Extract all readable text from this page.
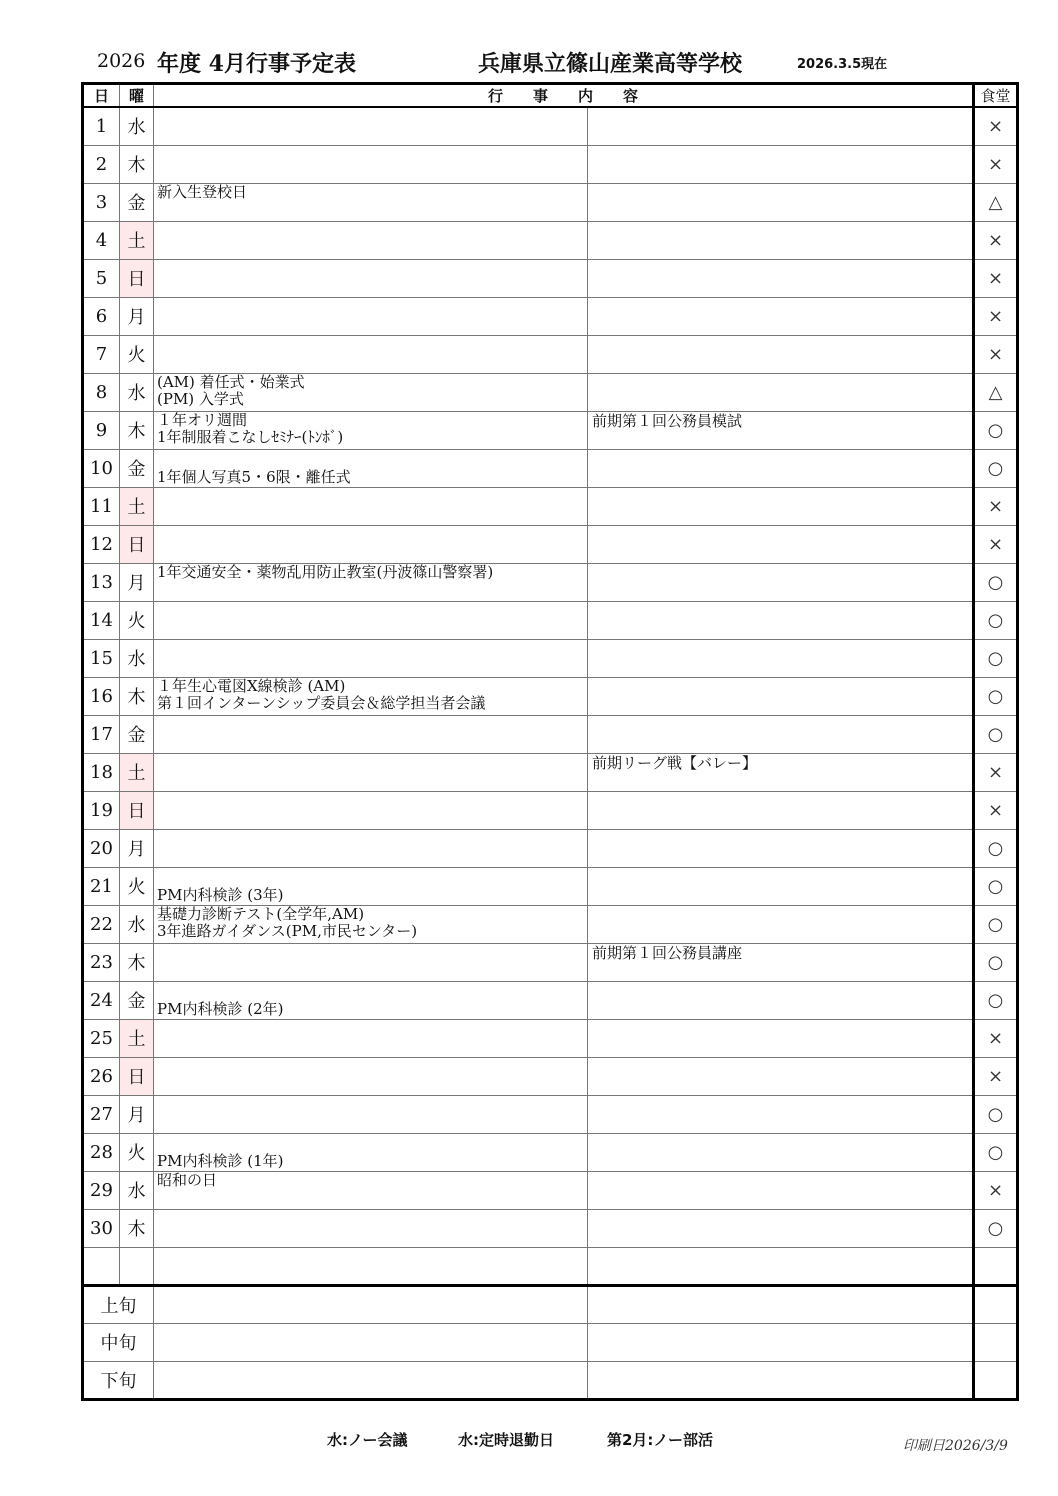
2026 年度 4月行事予定表	兵庫県立篠山産業高等学校	2026.3.5現在
日	曜	行　　事　　内　　容		食堂
1	水			×
2	木			×
3	金	新入生登校日		△
4	土			×
5	日			×
6	月			×
7	火			×
8	水	(AM) 着任式・始業式
(PM) 入学式		△
9	木	１年オリ週間
1年制服着こなしｾﾐﾅｰ(ﾄﾝﾎﾞ)	前期第１回公務員模試	○
10	金	1年個人写真5・6限・離任式		○
11	土			×
12	日			×
13	月	1年交通安全・薬物乱用防止教室(丹波篠山警察署)		○
14	火			○
15	水			○
16	木	１年生心電図X線検診 (AM)
第１回インターンシップ委員会＆総学担当者会議		○
17	金			○
18	土		前期リーグ戦【バレー】	×
19	日			×
20	月			○
21	火	PM内科検診 (3年)		○
22	水	基礎力診断テスト(全学年,AM)
3年進路ガイダンス(PM,市民センター)		○
23	木		前期第１回公務員講座	○
24	金	PM内科検診 (2年)		○
25	土			×
26	日			×
27	月			○
28	火	PM内科検診 (1年)		○
29	水	昭和の日		×
30	木			○

上旬				
中旬				
下旬				
水:ノー会議	水:定時退勤日	第2月:ノー部活	印刷日2026/3/9
